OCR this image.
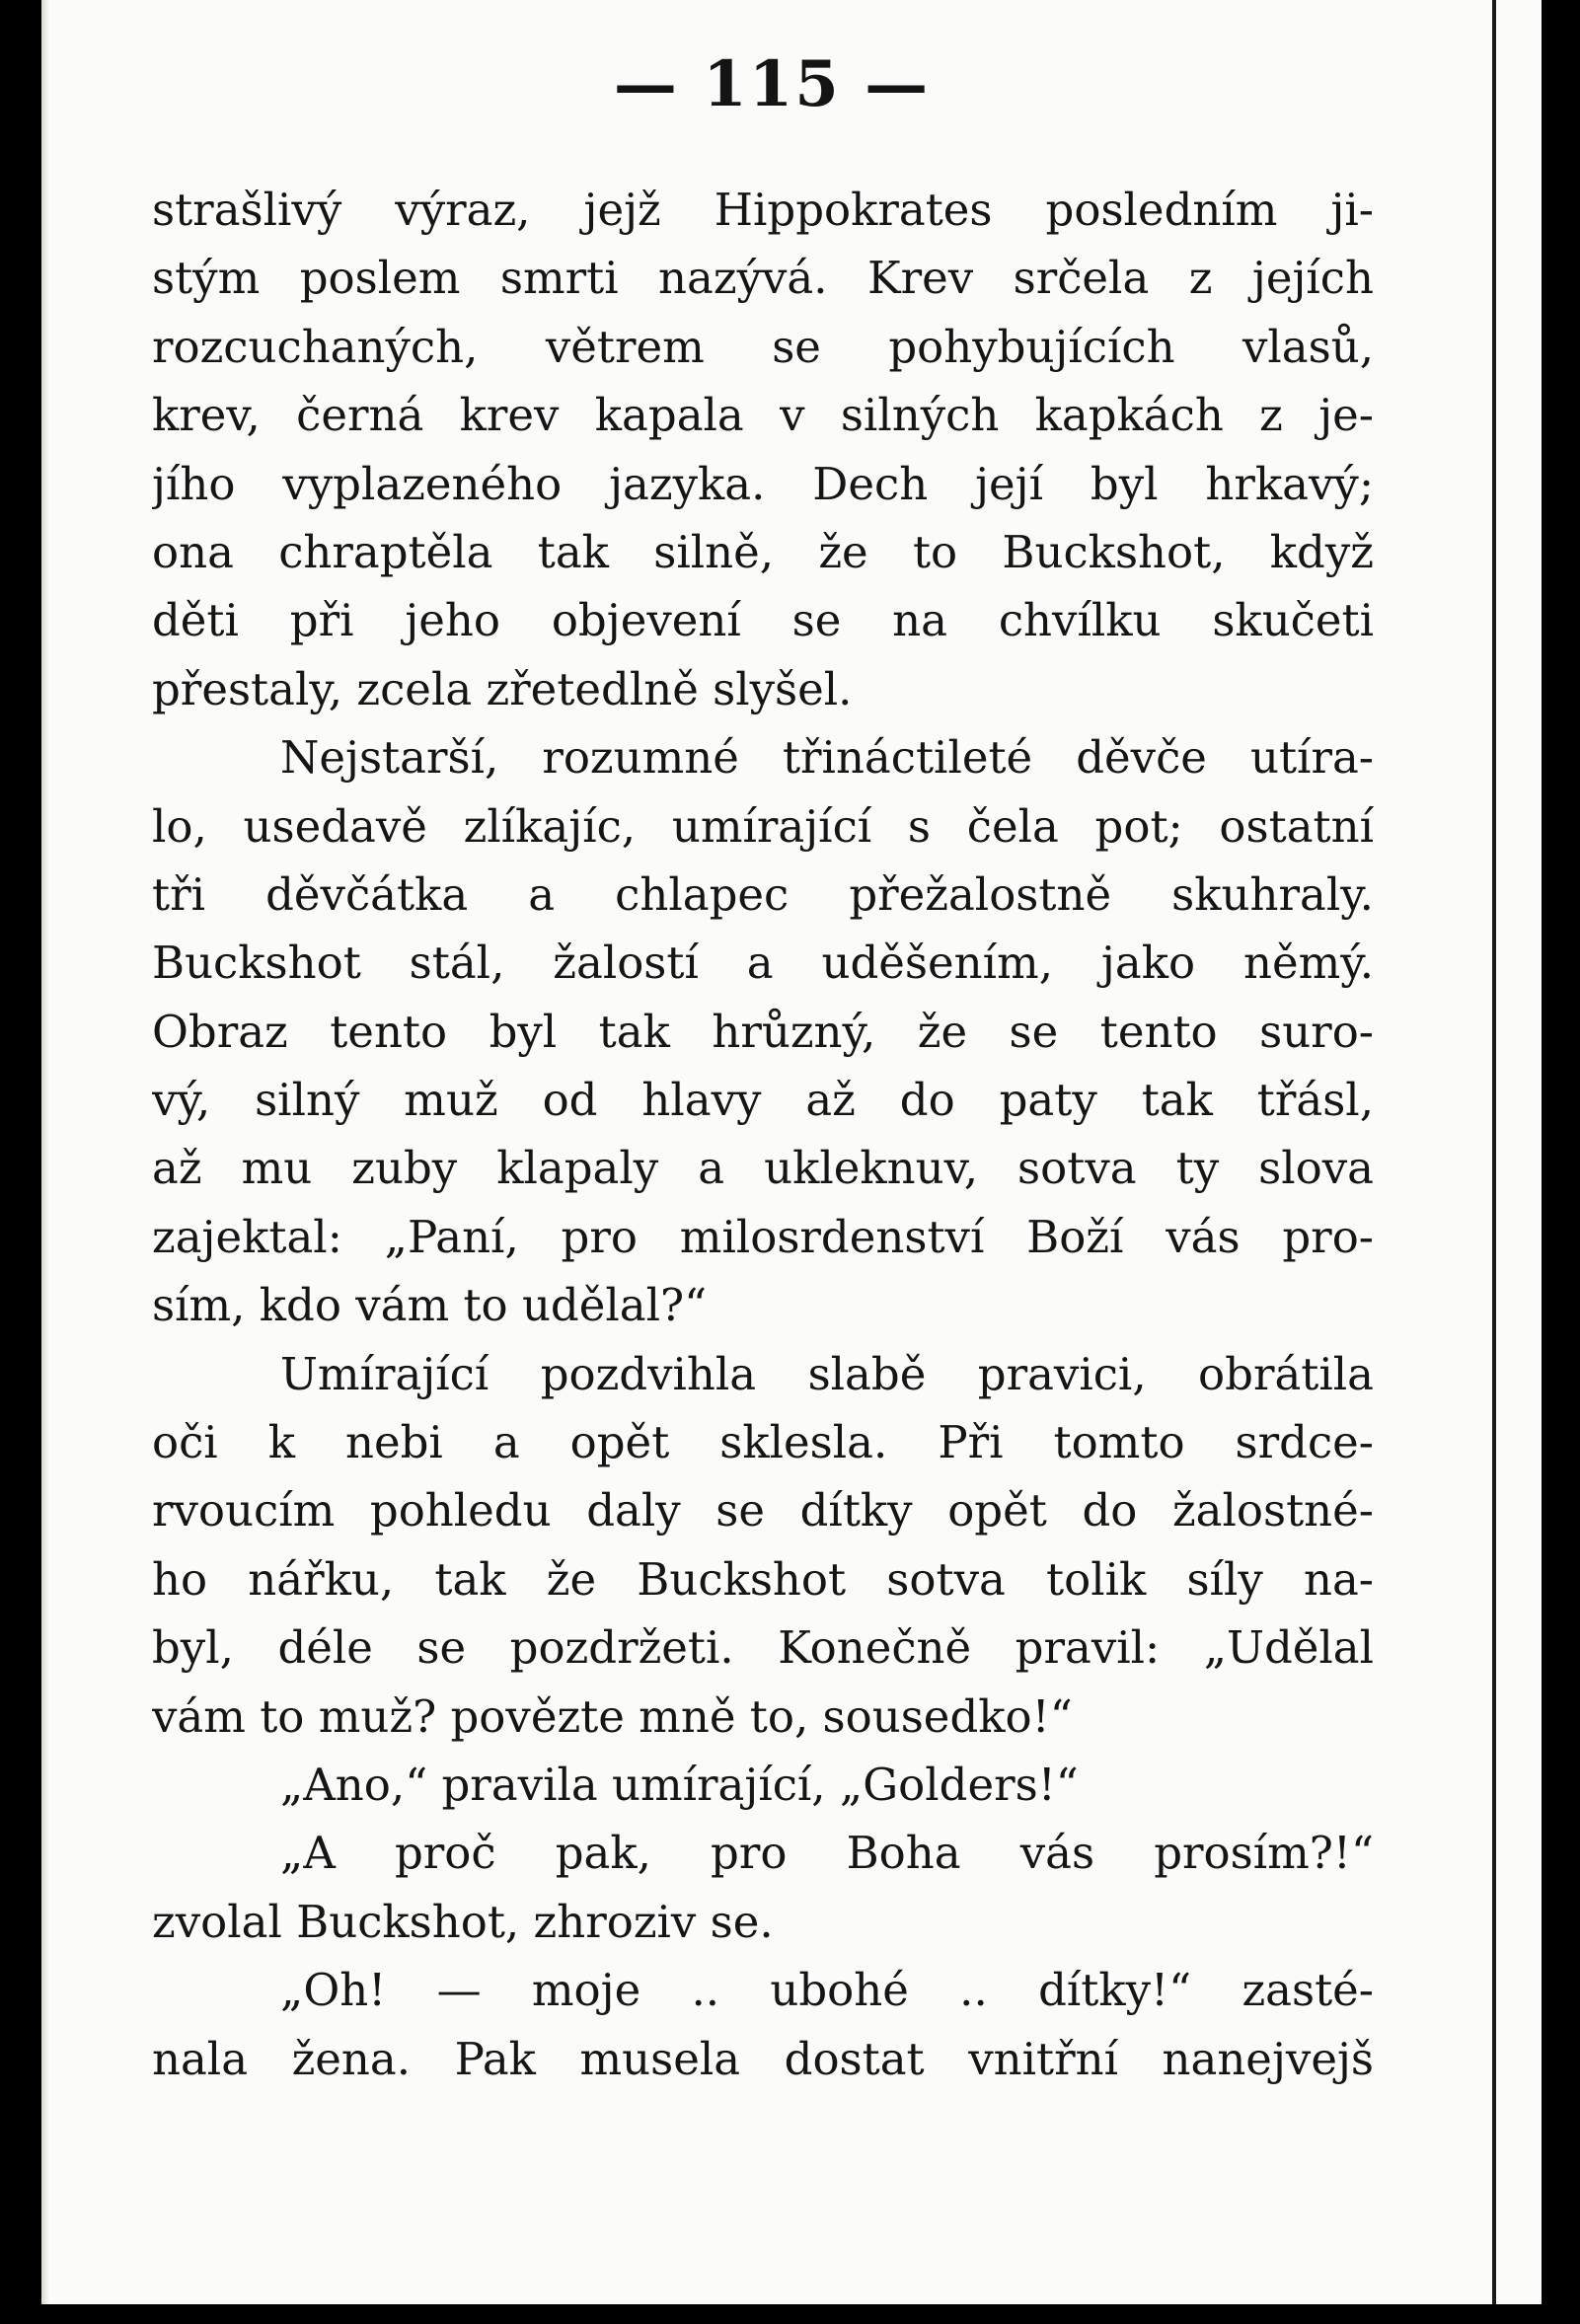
— 115 —
strašlivý výraz, jejž Hippokrates posledním ji-
stým poslem smrti nazývá. Krev srčela z jejích
rozcuchaných, větrem se pohybujících vlasů,
krev, černá krev kapala v silných kapkách z je-
jího vyplazeného jazyka. Dech její byl hrkavý;
ona chraptěla tak silně, že to Buckshot, když
děti při jeho objevení se na chvílku skučeti
přestaly, zcela zřetedlně slyšel.
Nejstarší, rozumné třináctileté děvče utíra-
lo, usedavě zlíkajíc, umírající s čela pot; ostatní
tři děvčátka a chlapec přežalostně skuhraly.
Buckshot stál, žalostí a uděšením, jako němý.
Obraz tento byl tak hrůzný, že se tento suro-
vý, silný muž od hlavy až do paty tak třásl,
až mu zuby klapaly a ukleknuv, sotva ty slova
zajektal: „Paní, pro milosrdenství Boží vás pro-
sím, kdo vám to udělal?“
Umírající pozdvihla slabě pravici, obrátila
oči k nebi a opět sklesla. Při tomto srdce-
rvoucím pohledu daly se dítky opět do žalostné-
ho nářku, tak že Buckshot sotva tolik síly na-
byl, déle se pozdržeti. Konečně pravil: „Udělal
vám to muž? povězte mně to, sousedko!“
„Ano,“ pravila umírající, „Golders!“
„A proč pak, pro Boha vás prosím?!“
zvolal Buckshot, zhroziv se.
„Oh! — moje .. ubohé .. dítky!“ zasté-
nala žena. Pak musela dostat vnitřní nanejvejš
